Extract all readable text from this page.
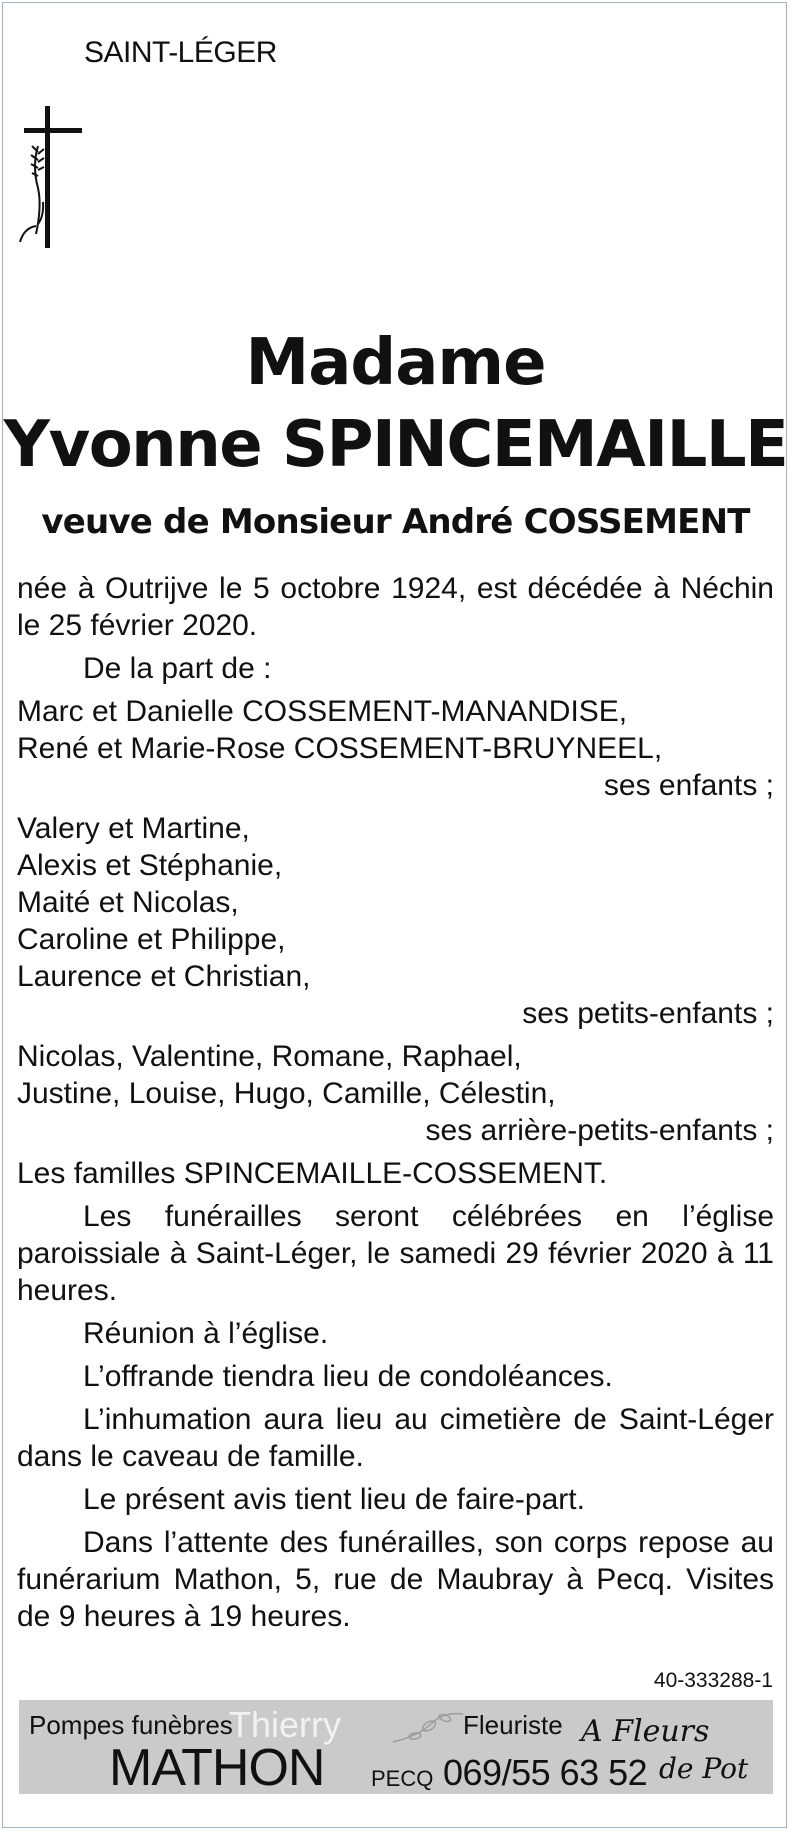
SAINT-LÉGER
Madame
Yvonne SPINCEMAILLE
veuve de Monsieur André COSSEMENT

née à Outrijve le 5 octobre 1924, est décédée à Néchin le 25 février 2020.

De la part de :

Marc et Danielle COSSEMENT-MANANDISE,
René et Marie-Rose COSSEMENT-BRUYNEEL,

ses enfants ;

Valery et Martine,
Alexis et Stéphanie,
Maité et Nicolas,
Caroline et Philippe,
Laurence et Christian,

ses petits-enfants ;

Nicolas, Valentine, Romane, Raphael,
Justine, Louise, Hugo, Camille, Célestin,

ses arrière-petits-enfants ;

Les familles SPINCEMAILLE-COSSEMENT.

Les funérailles seront célébrées en l’église paroissiale à Saint-Léger, le samedi 29 février 2020 à 11 heures.

Réunion à l’église.

L’offrande tiendra lieu de condoléances.

L’inhumation aura lieu au cimetière de Saint-Léger dans le caveau de famille.

Le présent avis tient lieu de faire-part.

Dans l’attente des funérailles, son corps repose au funérarium Mathon, 5, rue de Maubray à Pecq. Visites de 9 heures à 19 heures.

40-333288-1
Thierry
Pompes funèbres
MATHON PECQ 069/55 63 52
Fleuriste A Fleurs
de Pot
